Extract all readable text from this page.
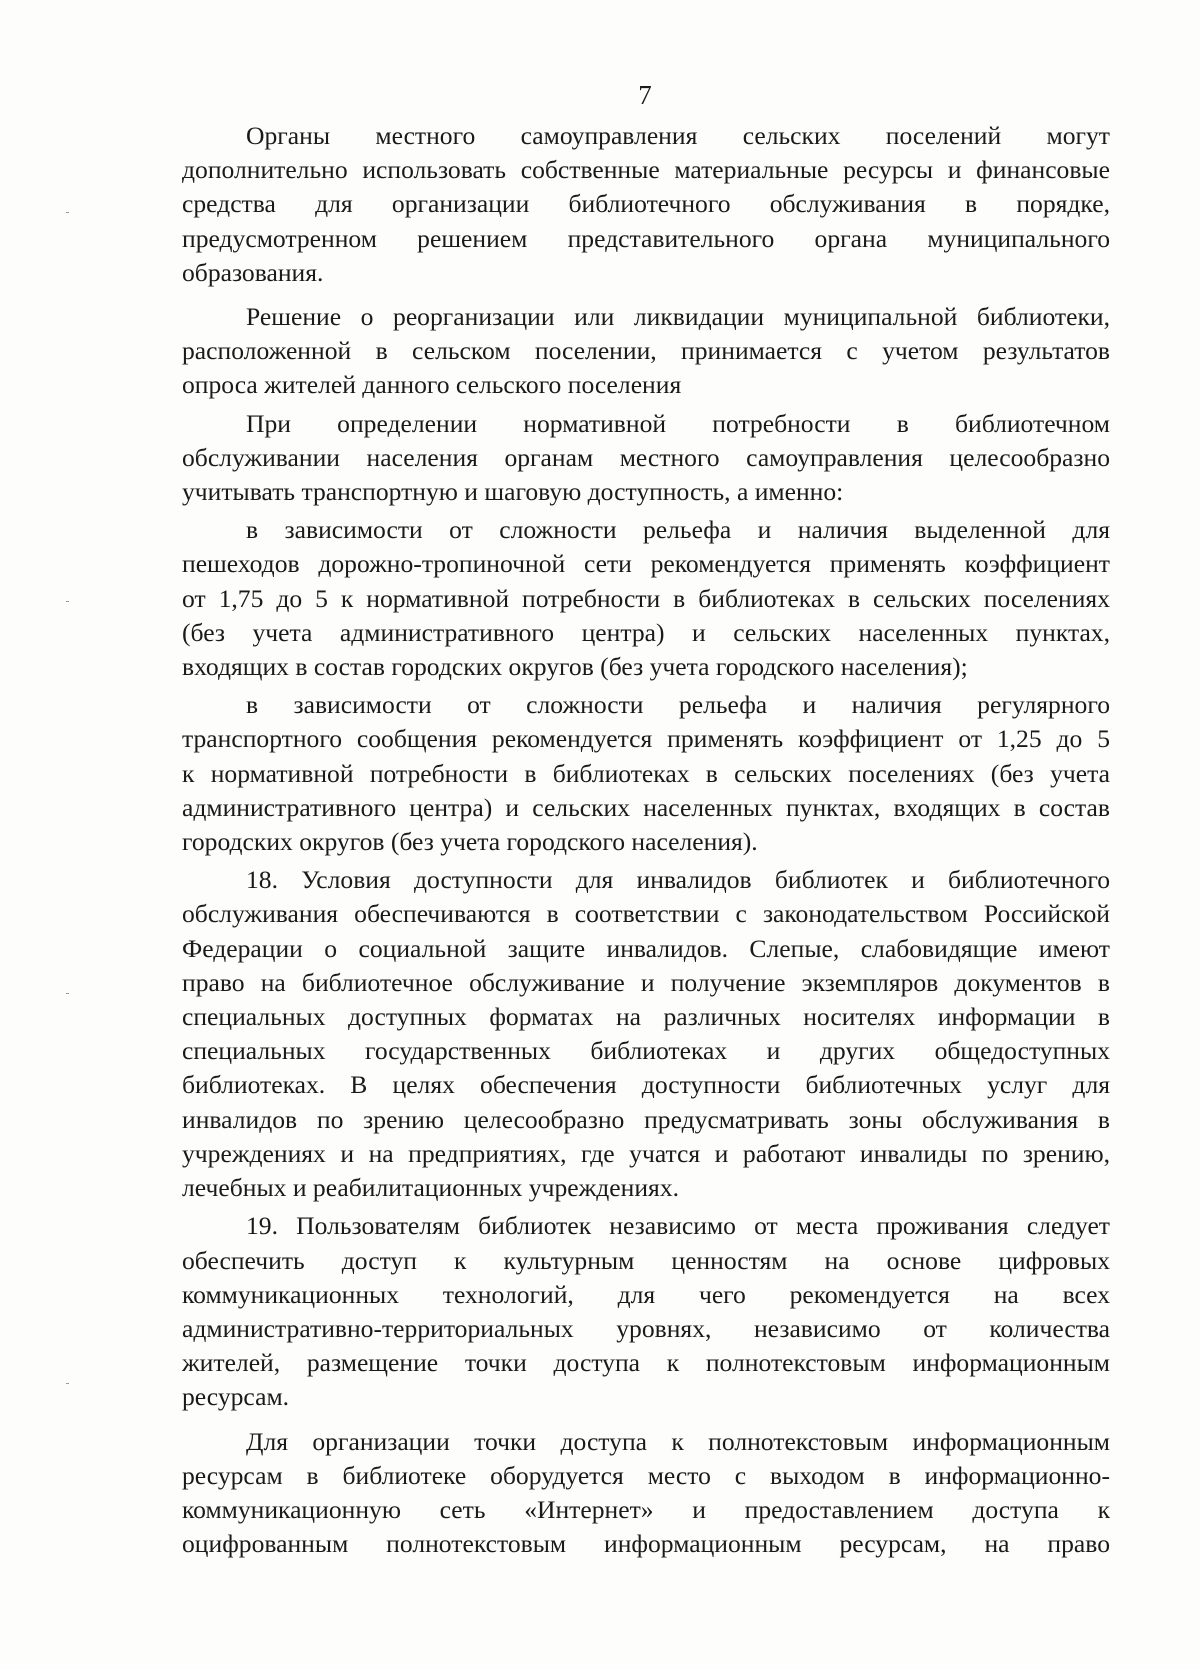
7
Органы местного самоуправления сельских поселений могут
дополнительно использовать собственные материальные ресурсы и финансовые
средства для организации библиотечного обслуживания в порядке,
предусмотренном решением представительного органа муниципального
образования.
Решение о реорганизации или ликвидации муниципальной библиотеки,
расположенной в сельском поселении, принимается с учетом результатов
опроса жителей данного сельского поселения
При определении нормативной потребности в библиотечном
обслуживании населения органам местного самоуправления целесообразно
учитывать транспортную и шаговую доступность, а именно:
в зависимости от сложности рельефа и наличия выделенной для
пешеходов дорожно-тропиночной сети рекомендуется применять коэффициент
от 1,75 до 5 к нормативной потребности в библиотеках в сельских поселениях
(без учета административного центра) и сельских населенных пунктах,
входящих в состав городских округов (без учета городского населения);
в зависимости от сложности рельефа и наличия регулярного
транспортного сообщения рекомендуется применять коэффициент от 1,25 до 5
к нормативной потребности в библиотеках в сельских поселениях (без учета
административного центра) и сельских населенных пунктах, входящих в состав
городских округов (без учета городского населения).
18. Условия доступности для инвалидов библиотек и библиотечного
обслуживания обеспечиваются в соответствии с законодательством Российской
Федерации о социальной защите инвалидов. Слепые, слабовидящие имеют
право на библиотечное обслуживание и получение экземпляров документов в
специальных доступных форматах на различных носителях информации в
специальных государственных библиотеках и других общедоступных
библиотеках. В целях обеспечения доступности библиотечных услуг для
инвалидов по зрению целесообразно предусматривать зоны обслуживания в
учреждениях и на предприятиях, где учатся и работают инвалиды по зрению,
лечебных и реабилитационных учреждениях.
19. Пользователям библиотек независимо от места проживания следует
обеспечить доступ к культурным ценностям на основе цифровых
коммуникационных технологий, для чего рекомендуется на всех
административно-территориальных уровнях, независимо от количества
жителей, размещение точки доступа к полнотекстовым информационным
ресурсам.
Для организации точки доступа к полнотекстовым информационным
ресурсам в библиотеке оборудуется место с выходом в информационно-
коммуникационную сеть «Интернет» и предоставлением доступа к
оцифрованным полнотекстовым информационным ресурсам, на право
